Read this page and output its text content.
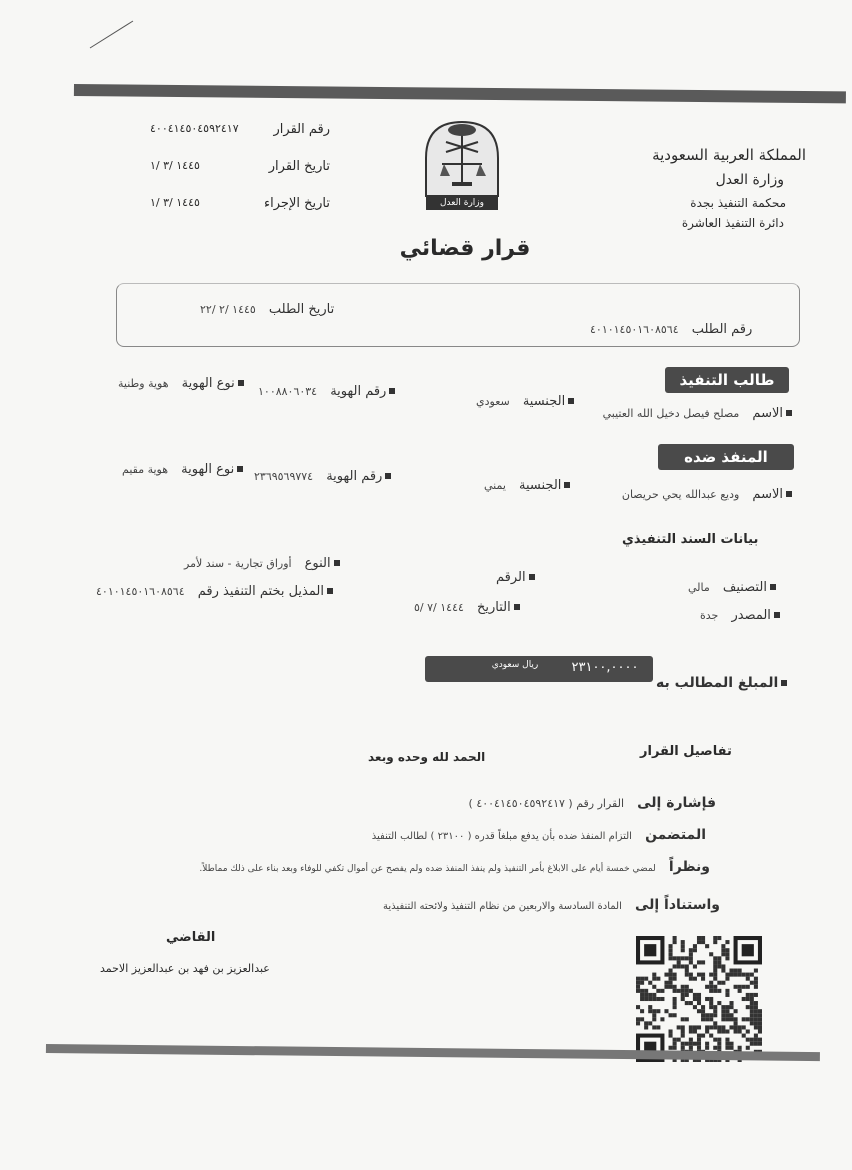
المملكة العربية السعودية
وزارة العدل
محكمة التنفيذ بجدة
دائرة التنفيذ العاشرة
وزارة العدل
رقم القرار
٤٠٠٤١٤٥٠٤٥٩٢٤١٧
تاريخ القرار
١٤٤٥ /٣ /١
تاريخ الإجراء
١٤٤٥ /٣ /١
قرار قضائي
تاريخ الطلب ١٤٤٥ /٢ /٢٢
رقم الطلب ٤٠١٠١٤٥٠١٦٠٨٥٦٤
طالب التنفيذ
الاسم مصلح فيصل دخيل الله العتيبي
الجنسية سعودي
رقم الهوية ١٠٠٨٨٠٦٠٣٤
نوع الهوية هوية وطنية
المنفذ ضده
الاسم وديع عبدالله يحي حريصان
الجنسية يمني
رقم الهوية ٢٣٦٩٥٦٩٧٧٤
نوع الهوية هوية مقيم
بيانات السند التنفيذي
النوع أوراق تجارية - سند لأمر
الرقم
التصنيف مالي
المذيل بختم التنفيذ رقم ٤٠١٠١٤٥٠١٦٠٨٥٦٤
التاريخ ١٤٤٤ /٧ /٥
المصدر جدة
٢٣١٠٠,٠٠٠٠
ريال سعودي
المبلغ المطالب به
تفاصيل القرار
الحمد لله وحده وبعد
فإشارة إلى القرار رقم ( ٤٠٠٤١٤٥٠٤٥٩٢٤١٧ )
المتضمن التزام المنفذ ضده بأن يدفع مبلغاً قدره ( ٢٣١٠٠ ) لطالب التنفيذ
ونظراً لمضي خمسة أيام على الابلاغ بأمر التنفيذ ولم ينفذ المنفذ ضده ولم يفصح عن أموال تكفي للوفاء وبعد بناء على ذلك مماطلاً.
واستناداً إلى المادة السادسة والاربعين من نظام التنفيذ ولائحته التنفيذية
القاضي
عبدالعزيز بن فهد بن عبدالعزيز الاحمد
